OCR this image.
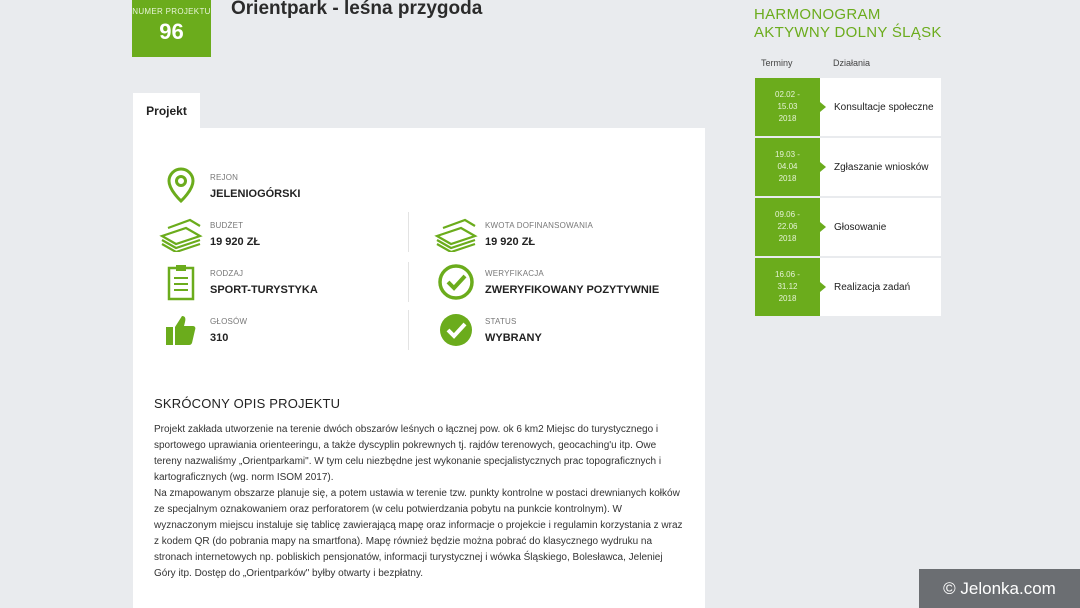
NUMER PROJEKTU
96
Orientpark - leśna przygoda
Projekt
REJON
JELENIOGÓRSKI
BUDŻET
19 920 ZŁ
KWOTA DOFINANSOWANIA
19 920 ZŁ
RODZAJ
SPORT-TURYSTYKA
WERYFIKACJA
ZWERYFIKOWANY POZYTYWNIE
GŁOSÓW
310
STATUS
WYBRANY
SKRÓCONY OPIS PROJEKTU

Projekt zakłada utworzenie na terenie dwóch obszarów leśnych o łącznej pow. ok 6 km2 Miejsc do turystycznego i sportowego uprawiania orienteeringu, a także dyscyplin pokrewnych tj. rajdów terenowych, geocaching'u itp. Owe tereny nazwaliśmy „Orientparkami". W tym celu niezbędne jest wykonanie specjalistycznych prac topograficznych i kartograficznych (wg. norm ISOM 2017).

Na zmapowanym obszarze planuje się, a potem ustawia w terenie tzw. punkty kontrolne w postaci drewnianych kołków ze specjalnym oznakowaniem oraz perforatorem (w celu potwierdzania pobytu na punkcie kontrolnym). W wyznaczonym miejscu instaluje się tablicę zawierającą mapę oraz informacje o projekcie i regulamin korzystania z wraz z kodem QR (do pobrania mapy na smartfona). Mapę również będzie można pobrać do klasycznego wydruku na stronach internetowych np. pobliskich pensjonatów, informacji turystycznej i wówka Śląskiego, Bolesławca, Jeleniej Góry itp. Dostęp do „Orientparków" byłby otwarty i bezpłatny.

HARMONOGRAM
AKTYWNY DOLNY ŚLĄSK
Terminy	Działania
02.02 -
15.03
2018
Konsultacje społeczne
19.03 -
04.04
2018
Zgłaszanie wniosków
09.06 -
22.06
2018
Głosowanie
16.06 -
31.12
2018
Realizacja zadań
© Jelonka.com
